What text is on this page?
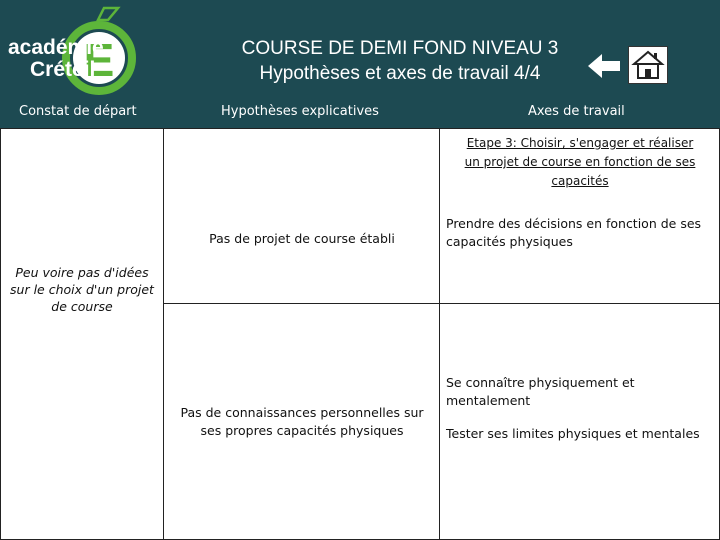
E
académie
Créteil
COURSE DE DEMI FOND NIVEAU 3
Hypothèses et axes de travail 4/4
Constat de départ	Hypothèses explicatives	Axes de travail
Peu voire pas d'idées sur le choix d'un projet de course
Etape 3: Choisir, s'engager et réaliser
un projet de course en fonction de ses
capacités
Pas de projet de course établi
Prendre des décisions en fonction de ses
capacités physiques
Pas de connaissances personnelles sur
ses propres capacités physiques
Se connaître physiquement et
mentalement
Tester ses limites physiques et mentales
